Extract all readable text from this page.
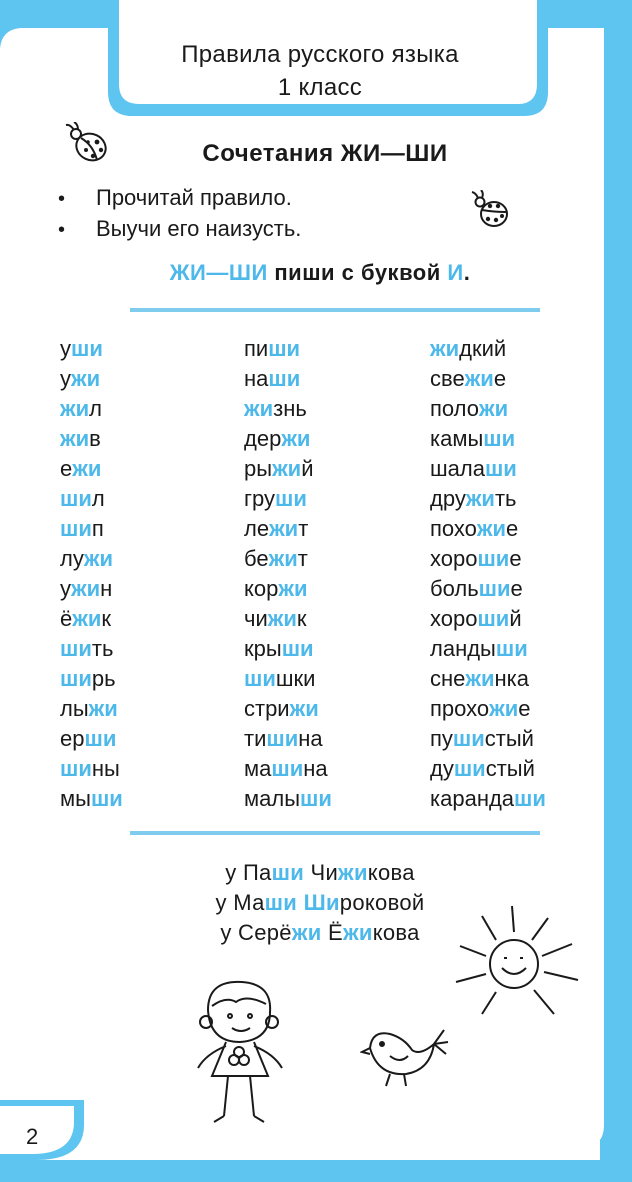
Правила русского языка
1 класс
Сочетания ЖИ—ШИ
• Прочитай правило.
• Выучи его наизусть.
ЖИ—ШИ пиши с буквой И.
уши
ужи
жил
жив
ежи
шил
шип
лужи
ужин
ёжик
шить
ширь
лыжи
ерши
шины
мыши
пиши
наши
жизнь
держи
рыжий
груши
лежит
бежит
коржи
чижик
крыши
шишки
стрижи
тишина
машина
малыши
жидкий
свежие
положи
камыши
шалаши
дружить
похожие
хорошие
большие
хороший
ландыши
снежинка
прохожие
пушистый
душистый
карандаши
у Паши Чижикова
у Маши Широковой
у Серёжи Ёжикова
2
